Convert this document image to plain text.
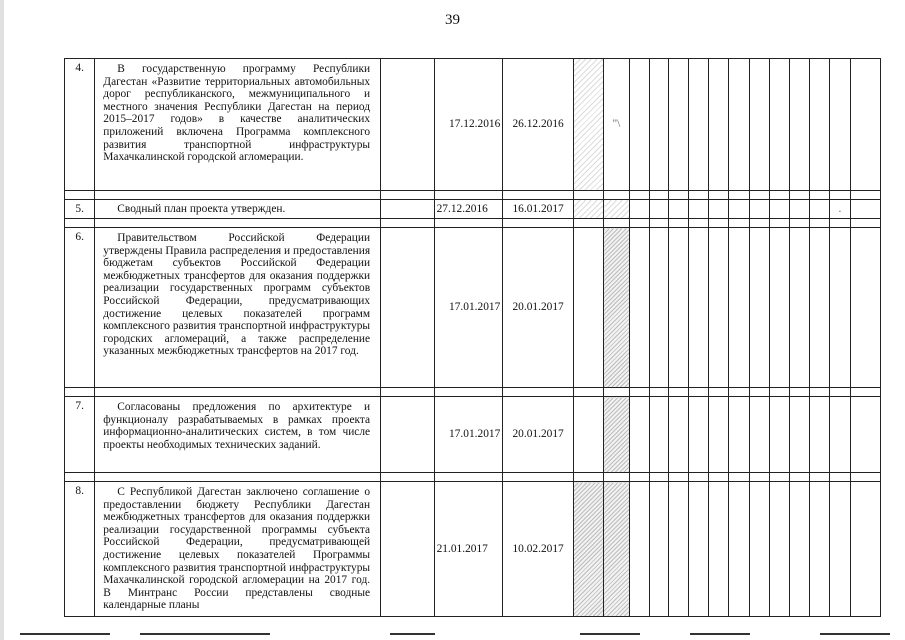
39
4.	В государственную программу Республики Дагестан «Развитие территориальных автомобильных дорог республиканского, межмуниципального и местного значения Республики Дагестан на период 2015–2017 годов» в качестве аналитических приложений включена Программа комплексного развития транспортной инфраструктуры Махачкалинской городской агломерации.		17.12.2016	26.12.2016		"\												

5.	Сводный план проекта утвержден.		27.12.2016	16.01.2017													.	

6.	Правительством Российской Федерации утверждены Правила распределения и предоставления бюджетам субъектов Российской Федерации межбюджетных трансфертов для оказания поддержки реализации государственных программ субъектов Российской Федерации, предусматривающих достижение целевых показателей программ комплексного развития транспортной инфраструктуры городских агломераций, а также распределение указанных межбюджетных трансфертов на 2017 год.		17.01.2017	20.01.2017														

7.	Согласованы предложения по архитектуре и функционалу разрабатываемых в рамках проекта информационно-аналитических систем, в том числе проекты необходимых технических заданий.		17.01.2017	20.01.2017														

8.	С Республикой Дагестан заключено соглашение о предоставлении бюджету Республики Дагестан межбюджетных трансфертов для оказания поддержки реализации государственной программы субъекта Российской Федерации, предусматривающей достижение целевых показателей Программы комплексного развития транспортной инфраструктуры Махачкалинской городской агломерации на 2017 год. В Минтранс России представлены сводные календарные планы		21.01.2017	10.02.2017														
